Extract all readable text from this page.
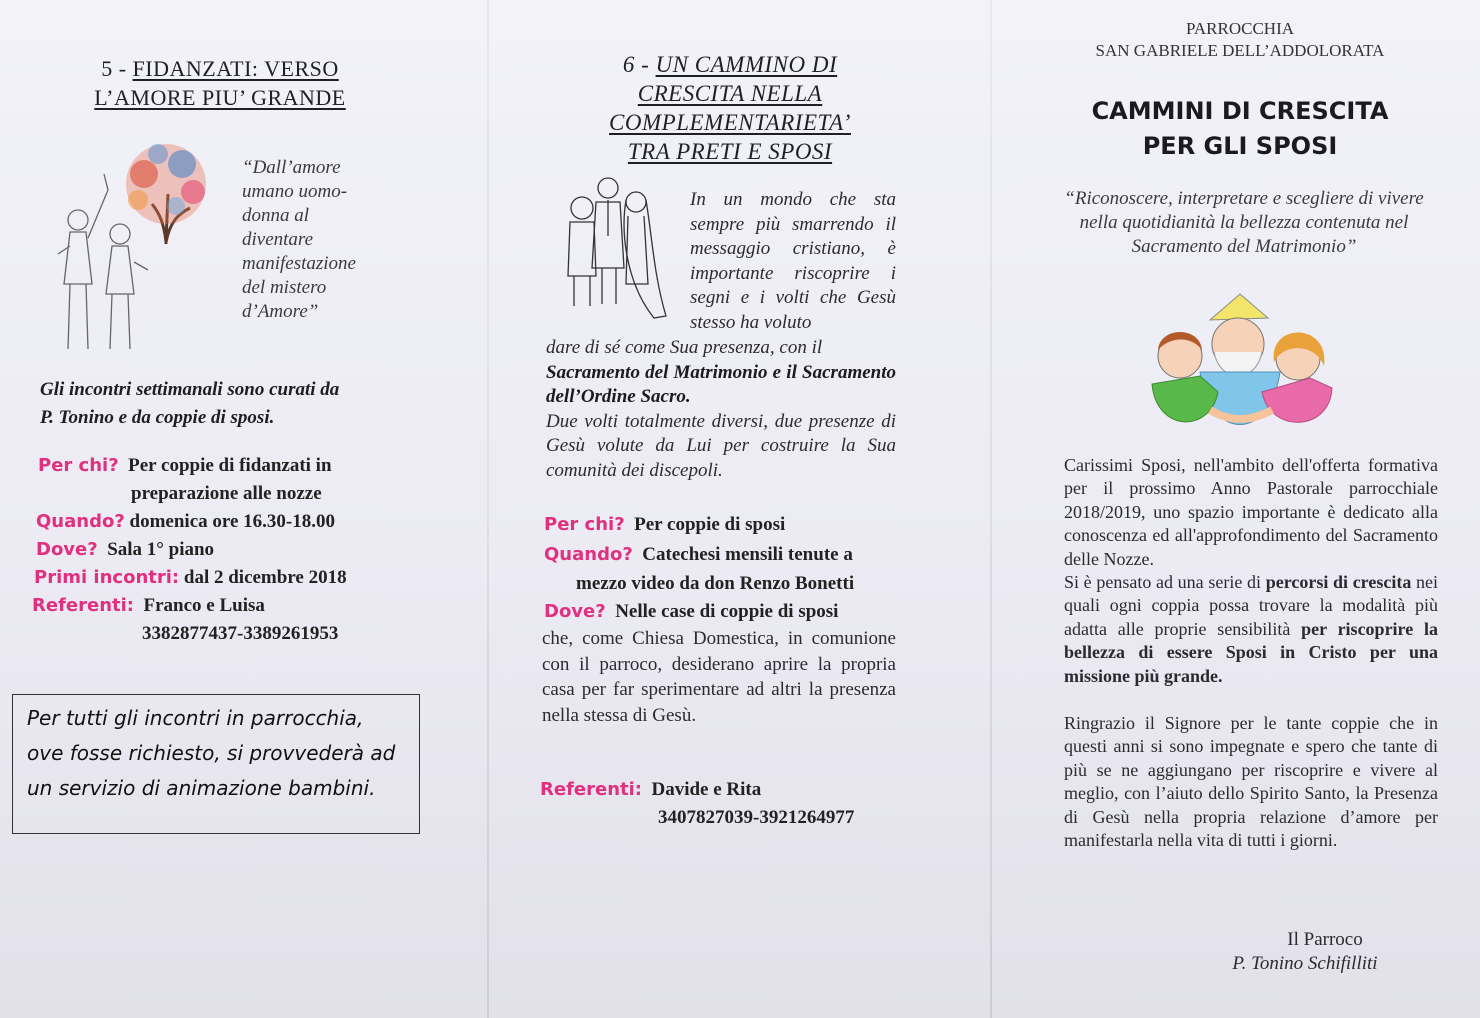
5 - FIDANZATI: VERSO
L’AMORE PIU’ GRANDE
“Dall’amore umano uomo-donna al diventare manifestazione del mistero d’Amore”
Gli incontri settimanali sono curati da
P. Tonino e da coppie di sposi.
Per chi? Per coppie di fidanzati in
preparazione alle nozze
Quando? domenica ore 16.30-18.00
Dove? Sala 1° piano
Primi incontri: dal 2 dicembre 2018
Referenti: Franco e Luisa
3382877437-3389261953
Per tutti gli incontri in parrocchia,
ove fosse richiesto, si provvederà ad
un servizio di animazione bambini.
6 - UN CAMMINO DI
CRESCITA NELLA
COMPLEMENTARIETA’
TRA PRETI E SPOSI
In un mondo che sta sempre più smarrendo il messaggio cristiano, è importante riscoprire i segni e i volti che Gesù stesso ha voluto
dare di sé come Sua presenza, con il
Sacramento del Matrimonio e il Sacramento dell’Ordine Sacro.
Due volti totalmente diversi, due presenze di Gesù volute da Lui per costruire la Sua comunità dei discepoli.
Per chi? Per coppie di sposi
Quando? Catechesi mensili tenute a
mezzo video da don Renzo Bonetti
Dove? Nelle case di coppie di sposi
che, come Chiesa Domestica, in comunione con il parroco, desiderano aprire la propria casa per far sperimentare ad altri la presenza nella stessa di Gesù.
Referenti: Davide e Rita
3407827039-3921264977
PARROCCHIA
SAN GABRIELE DELL’ADDOLORATA
CAMMINI DI CRESCITA
PER GLI SPOSI
“Riconoscere, interpretare e scegliere di vivere nella quotidianità la bellezza contenuta nel Sacramento del Matrimonio”
Carissimi Sposi, nell'ambito dell'offerta formativa per il prossimo Anno Pastorale parrocchiale 2018/2019, uno spazio importante è dedicato alla conoscenza ed all'approfondimento del Sacramento delle Nozze.
Si è pensato ad una serie di percorsi di crescita nei quali ogni coppia possa trovare la modalità più adatta alle proprie sensibilità per riscoprire la bellezza di essere Sposi in Cristo per una missione più grande.
Ringrazio il Signore per le tante coppie che in questi anni si sono impegnate e spero che tante di più se ne aggiungano per riscoprire e vivere al meglio, con l’aiuto dello Spirito Santo, la Presenza di Gesù nella propria relazione d’amore per manifestarla nella vita di tutti i giorni.
Il Parroco
P. Tonino Schifilliti
